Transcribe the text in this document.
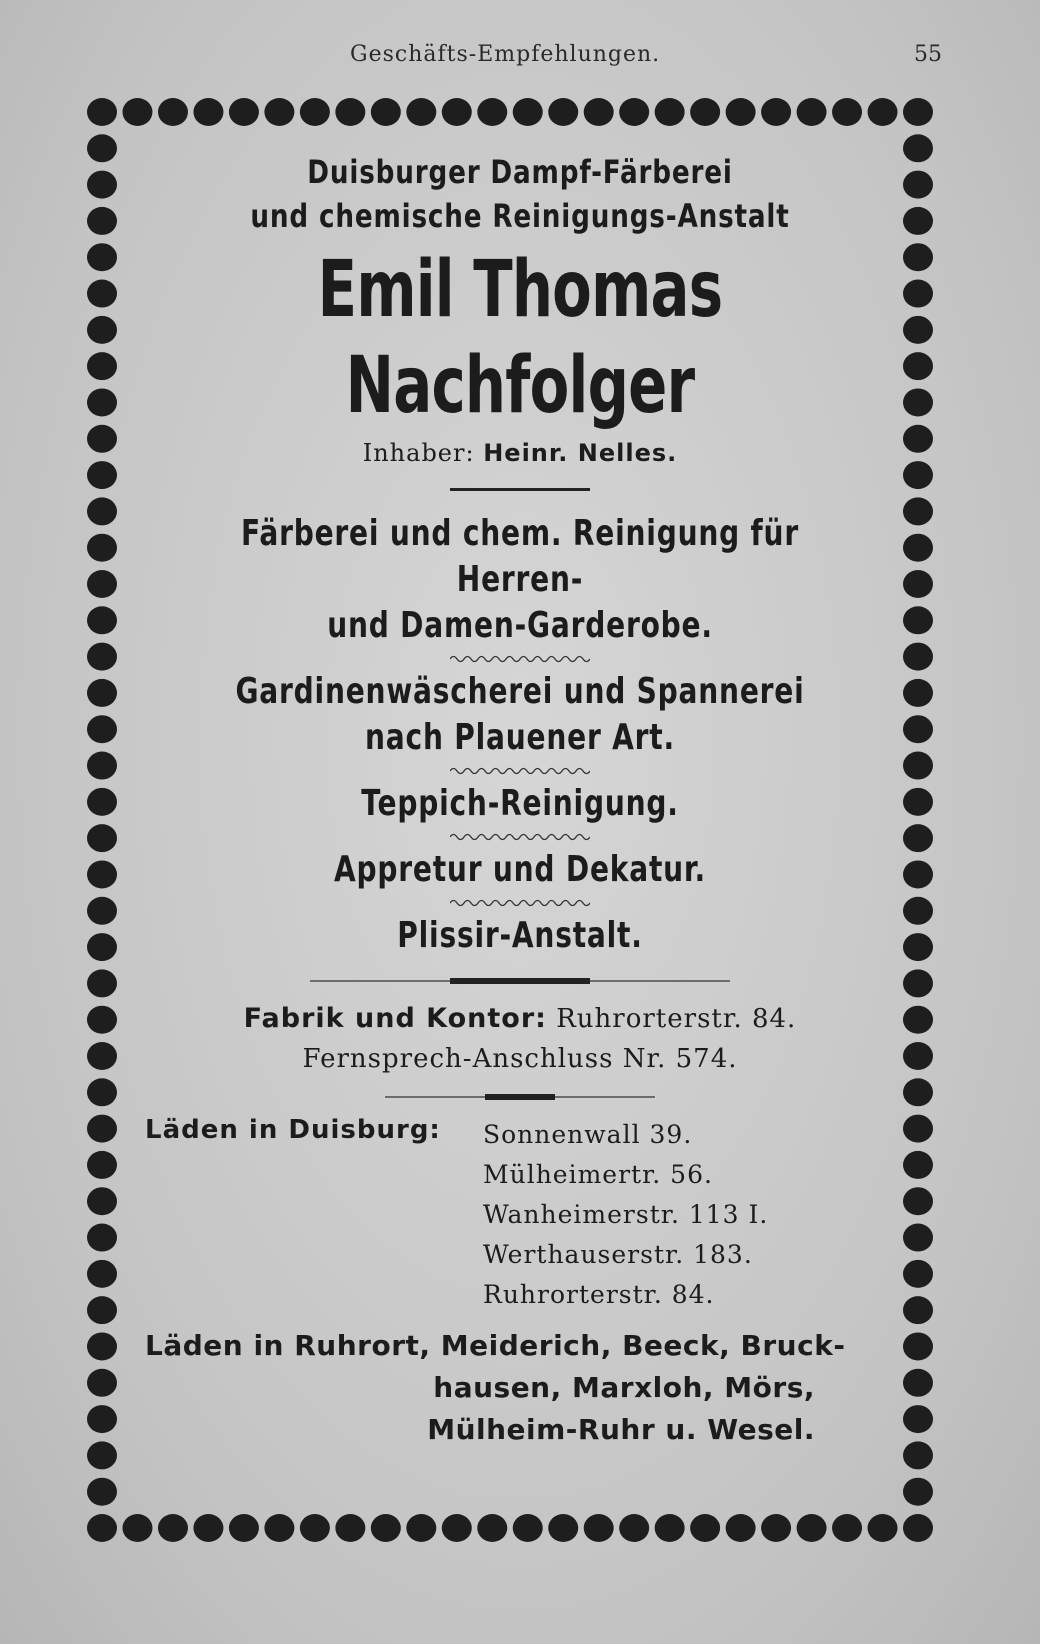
Geschäfts-Empfehlungen.	55
Duisburger Dampf-Färberei
und chemische Reinigungs-Anstalt
Emil Thomas Nachfolger
Inhaber: Heinr. Nelles.
Färberei und chem. Reinigung für Herren-
und Damen-Garderobe.
Gardinenwäscherei und Spannerei
nach Plauener Art.
Teppich-Reinigung.
Appretur und Dekatur.
Plissir-Anstalt.
Fabrik und Kontor: Ruhrorterstr. 84.
Fernsprech-Anschluss Nr. 574.
Läden in Duisburg: Sonnenwall 39.
Mülheimertr. 56.
Wanheimerstr. 113 I.
Werthauserstr. 183.
Ruhrorterstr. 84.
Läden in Ruhrort, Meiderich, Beeck, Bruck-
hausen, Marxloh, Mörs,
Mülheim-Ruhr u. Wesel.
